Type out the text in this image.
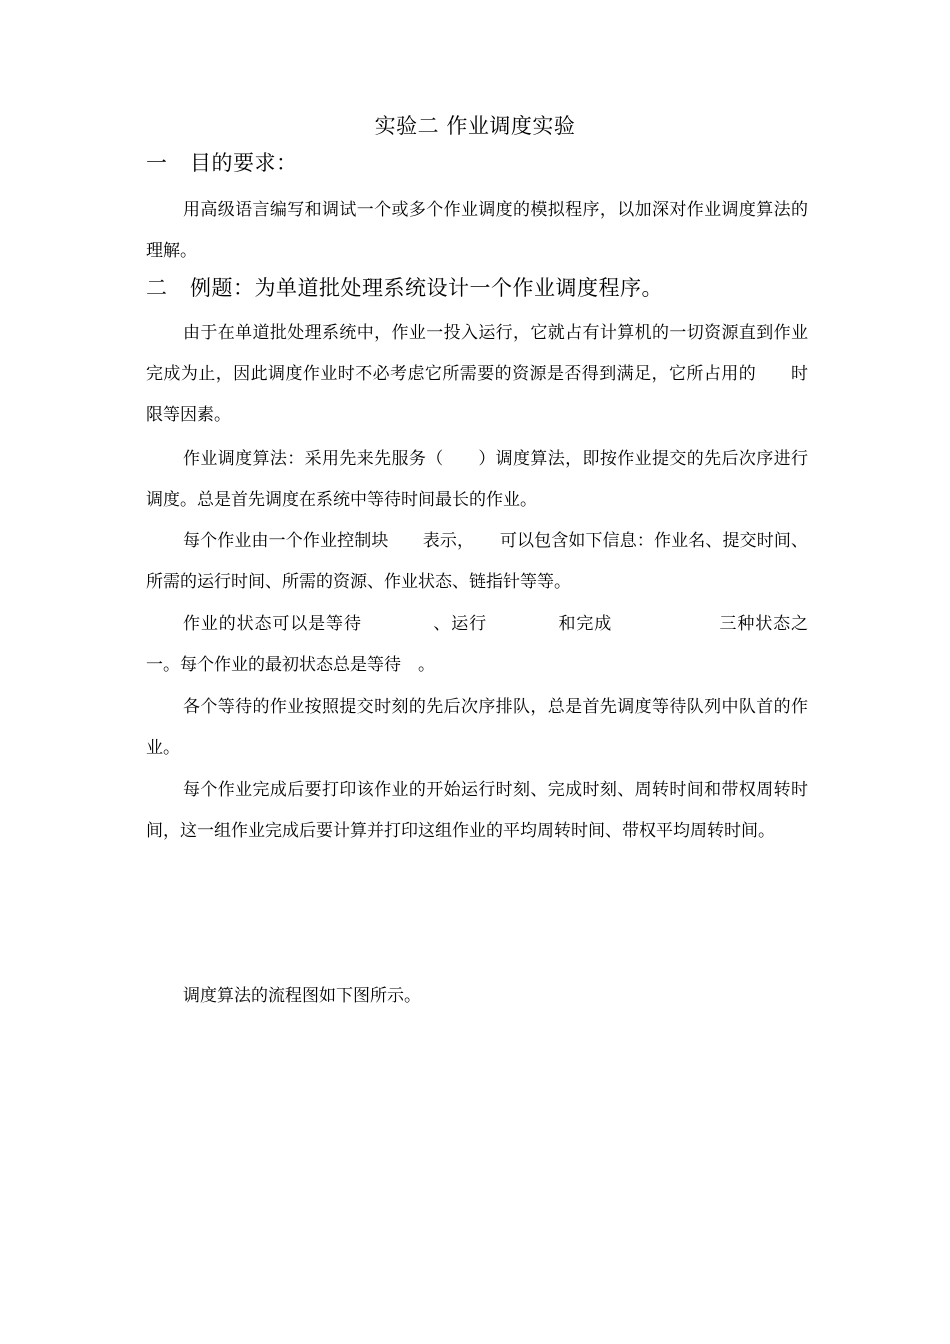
实验二 作业调度实验
一 目的要求：
用高级语言编写和调试一个或多个作业调度的模拟程序，以加深对作业调度算法的理解。
二 例题：为单道批处理系统设计一个作业调度程序。
由于在单道批处理系统中，作业一投入运行，它就占有计算机的一切资源直到作业完成为止，因此调度作业时不必考虑它所需要的资源是否得到满足，它所占用的　　时限等因素。
作业调度算法：采用先来先服务（　　）调度算法，即按作业提交的先后次序进行调度。总是首先调度在系统中等待时间最长的作业。
每个作业由一个作业控制块　　表示，　　可以包含如下信息：作业名、提交时间、所需的运行时间、所需的资源、作业状态、链指针等等。
作业的状态可以是等待　　　　、运行　　　　和完成　　　　　　三种状态之一。每个作业的最初状态总是等待　。
各个等待的作业按照提交时刻的先后次序排队，总是首先调度等待队列中队首的作业。
每个作业完成后要打印该作业的开始运行时刻、完成时刻、周转时间和带权周转时间，这一组作业完成后要计算并打印这组作业的平均周转时间、带权平均周转时间。
调度算法的流程图如下图所示。
